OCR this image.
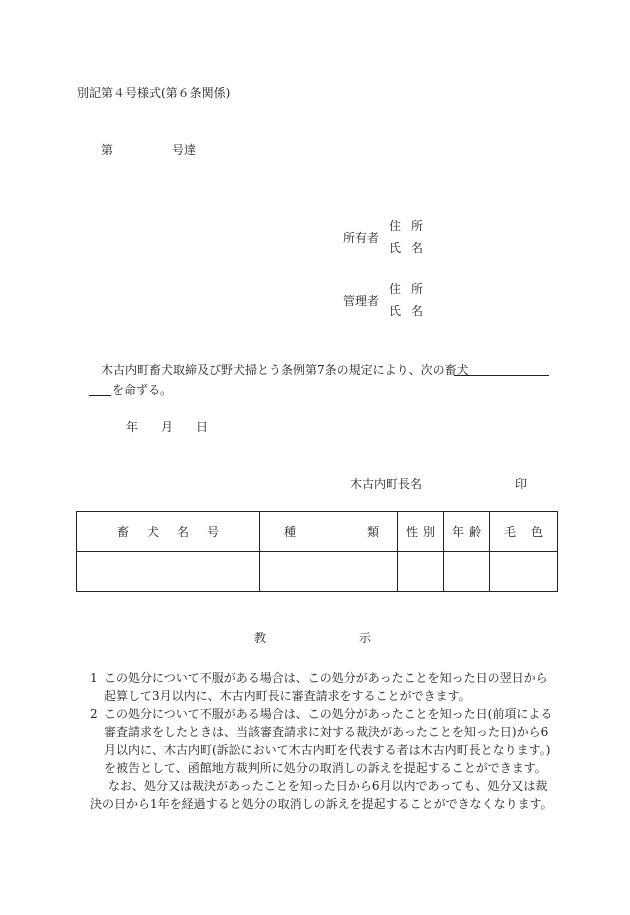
別記第４号様式(第６条関係)
第	号達
所有者
住所
氏名
管理者
住所
氏名
木古内町畜犬取締及び野犬掃とう条例第7条の規定により、次の畜犬
を命ずる。
年 月 日
木古内町長名	印
畜 犬 名 号	種 類	性 別	年 齢	毛 色

教	示
1 この処分について不服がある場合は、この処分があったことを知った日の翌日から起算して3月以内に、木古内町長に審査請求をすることができます。
2 この処分について不服がある場合は、この処分があったことを知った日(前項による審査請求をしたときは、当該審査請求に対する裁決があったことを知った日)から6月以内に、木古内町(訴訟において木古内町を代表する者は木古内町長となります。)を被告として、函館地方裁判所に処分の取消しの訴えを提起することができます。
なお、処分又は裁決があったことを知った日から6月以内であっても、処分又は裁決の日から1年を経過すると処分の取消しの訴えを提起することができなくなります。
